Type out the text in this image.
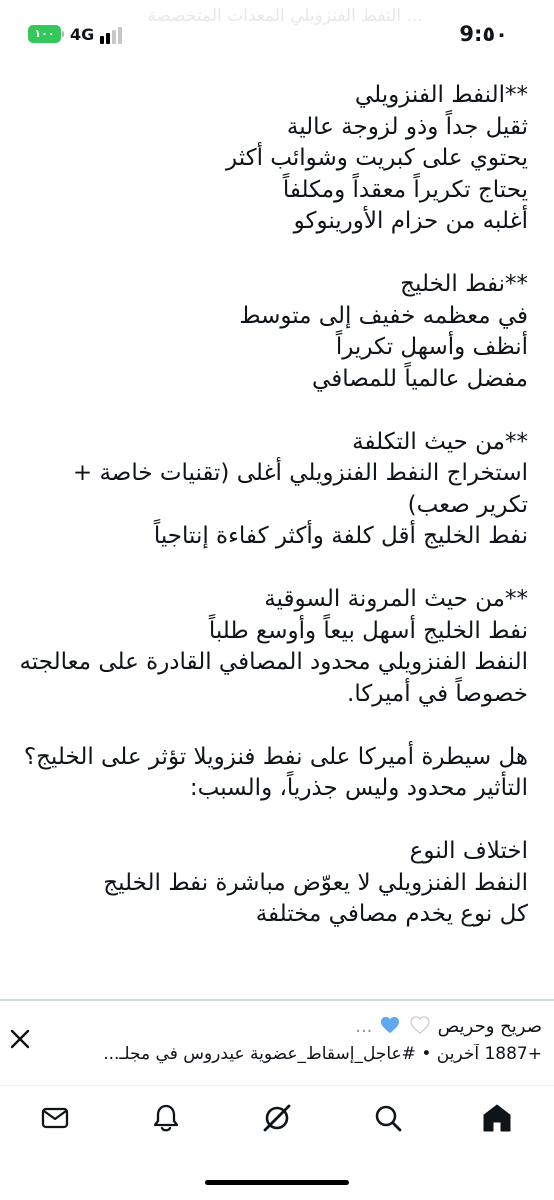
... النفط الفنزويلي المعدات المتخصصة
9:٥٠
١٠٠ 4G

**النفط الفنزويلي

ثقيل جداً وذو لزوجة عالية

يحتوي على كبريت وشوائب أكثر

يحتاج تكريراً معقداً ومكلفاً

أغلبه من حزام الأورينوكو

**نفط الخليج

في معظمه خفيف إلى متوسط

أنظف وأسهل تكريراً

مفضل عالمياً للمصافي

**من حيث التكلفة

استخراج النفط الفنزويلي أغلى (تقنيات خاصة + تكرير صعب)

نفط الخليج أقل كلفة وأكثر كفاءة إنتاجياً

**من حيث المرونة السوقية

نفط الخليج أسهل بيعاً وأوسع طلباً

النفط الفنزويلي محدود المصافي القادرة على معالجته خصوصاً في أميركا.

هل سيطرة أميركا على نفط فنزويلا تؤثر على الخليج؟

التأثير محدود وليس جذرياً، والسبب:

اختلاف النوع

النفط الفنزويلي لا يعوّض مباشرة نفط الخليج

كل نوع يخدم مصافي مختلفة

صريح وحريص   ...
+1887 آخرين • #عاجل_إسقاط_عضوية عيدروس في مجلـ...
